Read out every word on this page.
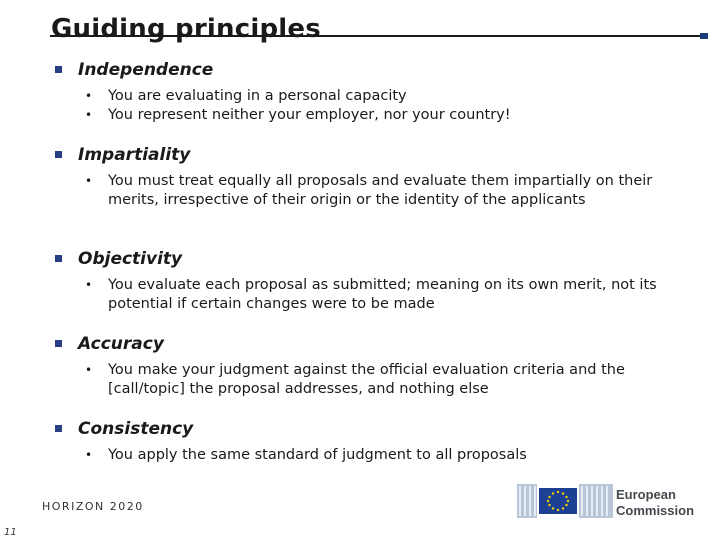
Guiding principles
Independence
•	You are evaluating in a personal capacity
•	You represent neither your employer, nor your country!
Impartiality
•	You must treat equally all proposals and evaluate them impartially on their merits, irrespective of their origin or the identity of the applicants
Objectivity
•	You evaluate each proposal as submitted; meaning on its own merit, not its potential if certain changes were to be made
Accuracy
•	You make your judgment against the official evaluation criteria and the [call/topic] the proposal addresses, and nothing else
Consistency
•	You apply the same standard of judgment to all proposals
HORIZON 2020
11
European
Commission
